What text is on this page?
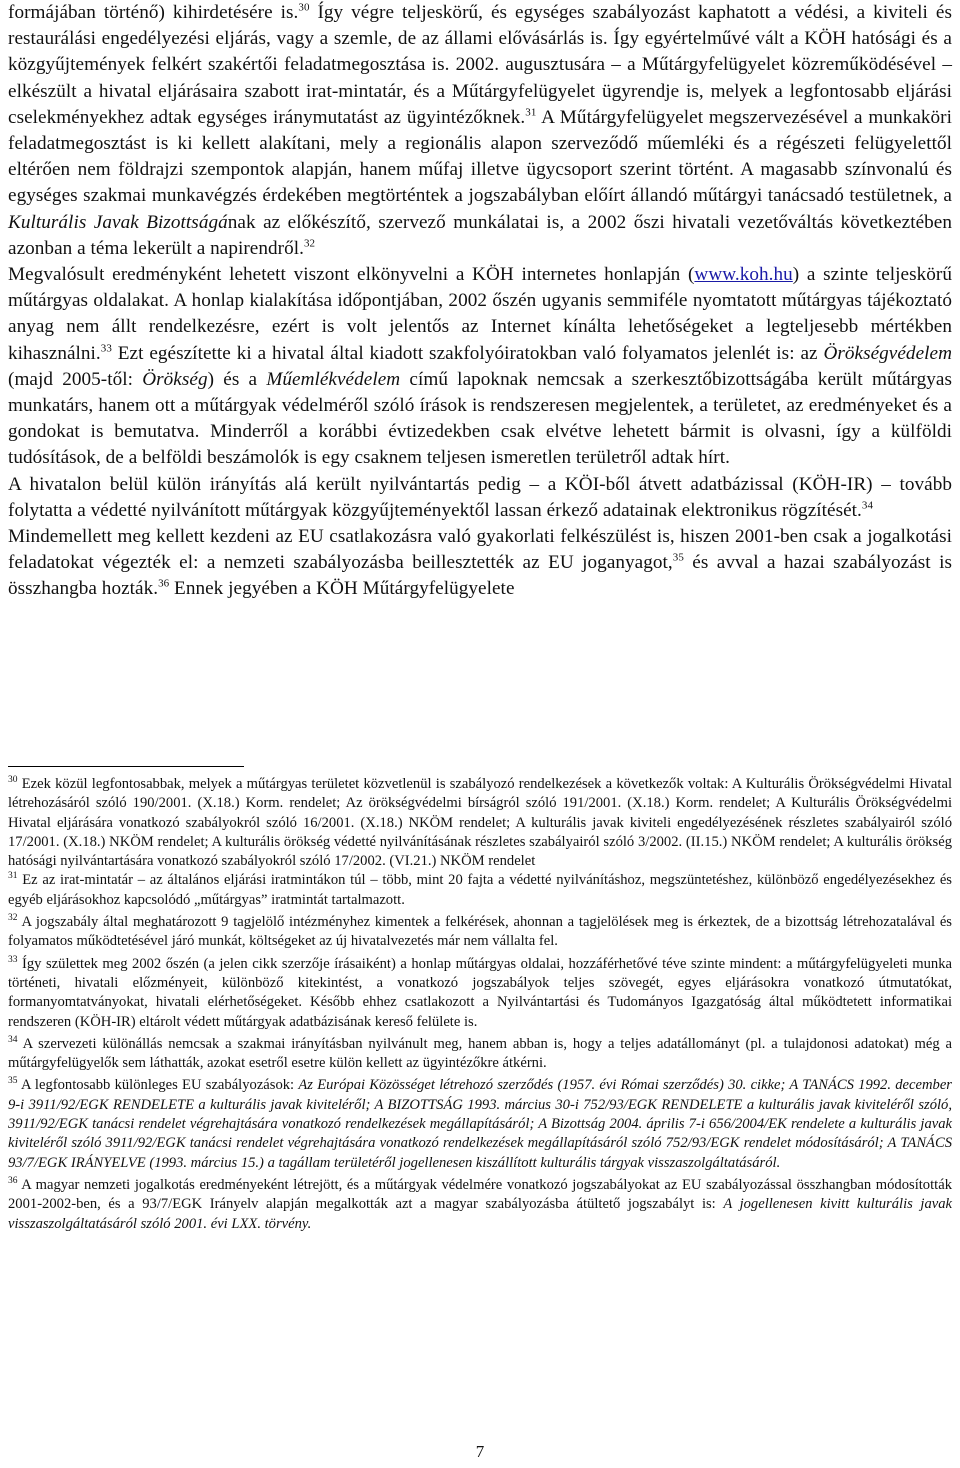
formájában történő) kihirdetésére is.$^{30}$ Így végre teljeskörű, és egységes szabályozást kaphatott a védési, a kiviteli és restaurálási engedélyezési eljárás, vagy a szemle, de az állami elővásárlás is. Így egyértelművé vált a KÖH hatósági és a közgyűjtemények felkért szakértői feladatmegosztása is. 2002. augusztusára – a Műtárgyfelügyelet közreműködésével – elkészült a hivatal eljárásaira szabott irat-mintatár, és a Műtárgyfelügyelet ügyrendje is, melyek a legfontosabb eljárási cselekményekhez adtak egységes iránymutatást az ügyintézőknek.$^{31}$ A Műtárgyfelügyelet megszervezésével a munkaköri feladatmegosztást is ki kellett alakítani, mely a regionális alapon szerveződő műemléki és a régészeti felügyelettől eltérően nem földrajzi szempontok alapján, hanem műfaj illetve ügycsoport szerint történt. A magasabb színvonalú és egységes szakmai munkavégzés érdekében megtörténtek a jogszabályban előírt állandó műtárgyi tanácsadó testületnek, a Kulturális Javak Bizottságának az előkészítő, szervező munkálatai is, a 2002 őszi hivatali vezetőváltás következtében azonban a téma lekerült a napirendről.$^{32}$

Megvalósult eredményként lehetett viszont elkönyvelni a KÖH internetes honlapján (www.koh.hu) a szinte teljeskörű műtárgyas oldalakat. A honlap kialakítása időpontjában, 2002 őszén ugyanis semmiféle nyomtatott műtárgyas tájékoztató anyag nem állt rendelkezésre, ezért is volt jelentős az Internet kínálta lehetőségeket a legteljesebb mértékben kihasználni.$^{33}$ Ezt egészítette ki a hivatal által kiadott szakfolyóiratokban való folyamatos jelenlét is: az Örökségvédelem (majd 2005-től: Örökség) és a Műemlékvédelem című lapoknak nemcsak a szerkesztőbizottságába került műtárgyas munkatárs, hanem ott a műtárgyak védelméről szóló írások is rendszeresen megjelentek, a területet, az eredményeket és a gondokat is bemutatva. Minderről a korábbi évtizedekben csak elvétve lehetett bármit is olvasni, így a külföldi tudósítások, de a belföldi beszámolók is egy csaknem teljesen ismeretlen területről adtak hírt.

A hivatalon belül külön irányítás alá került nyilvántartás pedig – a KÖI-ből átvett adatbázissal (KÖH-IR) – tovább folytatta a védetté nyilvánított műtárgyak közgyűjteményektől lassan érkező adatainak elektronikus rögzítését.$^{34}$

Mindemellett meg kellett kezdeni az EU csatlakozásra való gyakorlati felkészülést is, hiszen 2001-ben csak a jogalkotási feladatokat végezték el: a nemzeti szabályozásba beillesztették az EU joganyagot,$^{35}$ és avval a hazai szabályozást is összhangba hozták.$^{36}$ Ennek jegyében a KÖH Műtárgyfelügyelete

$^{30}$ Ezek közül legfontosabbak, melyek a műtárgyas területet közvetlenül is szabályozó rendelkezések a következők voltak: A Kulturális Örökségvédelmi Hivatal létrehozásáról szóló 190/2001. (X.18.) Korm. rendelet; Az örökségvédelmi bírságról szóló 191/2001. (X.18.) Korm. rendelet; A Kulturális Örökségvédelmi Hivatal eljárására vonatkozó szabályokról szóló 16/2001. (X.18.) NKÖM rendelet; A kulturális javak kiviteli engedélyezésének részletes szabályairól szóló 17/2001. (X.18.) NKÖM rendelet; A kulturális örökség védetté nyilvánításának részletes szabályairól szóló 3/2002. (II.15.) NKÖM rendelet; A kulturális örökség hatósági nyilvántartására vonatkozó szabályokról szóló 17/2002. (VI.21.) NKÖM rendelet

$^{31}$ Ez az irat-mintatár – az általános eljárási iratmintákon túl – több, mint 20 fajta a védetté nyilvánításhoz, megszüntetéshez, különböző engedélyezésekhez és egyéb eljárásokhoz kapcsolódó „műtárgyas” iratmintát tartalmazott.

$^{32}$ A jogszabály által meghatározott 9 tagjelölő intézményhez kimentek a felkérések, ahonnan a tagjelölések meg is érkeztek, de a bizottság létrehozatalával és folyamatos működtetésével járó munkát, költségeket az új hivatalvezetés már nem vállalta fel.

$^{33}$ Így születtek meg 2002 őszén (a jelen cikk szerzője írásaiként) a honlap műtárgyas oldalai, hozzáférhetővé téve szinte mindent: a műtárgyfelügyeleti munka történeti, hivatali előzményeit, különböző kitekintést, a vonatkozó jogszabályok teljes szövegét, egyes eljárásokra vonatkozó útmutatókat, formanyomtatványokat, hivatali elérhetőségeket. Később ehhez csatlakozott a Nyilvántartási és Tudományos Igazgatóság által működtetett informatikai rendszeren (KÖH-IR) eltárolt védett műtárgyak adatbázisának kereső felülete is.

$^{34}$ A szervezeti különállás nemcsak a szakmai irányításban nyilvánult meg, hanem abban is, hogy a teljes adatállományt (pl. a tulajdonosi adatokat) még a műtárgyfelügyelők sem láthatták, azokat esetről esetre külön kellett az ügyintézőkre átkérni.

$^{35}$ A legfontosabb különleges EU szabályozások: Az Európai Közösséget létrehozó szerződés (1957. évi Római szerződés) 30. cikke; A TANÁCS 1992. december 9-i 3911/92/EGK RENDELETE a kulturális javak kiviteléről; A BIZOTTSÁG 1993. március 30-i 752/93/EGK RENDELETE a kulturális javak kiviteléről szóló, 3911/92/EGK tanácsi rendelet végrehajtására vonatkozó rendelkezések megállapításáról; A Bizottság 2004. április 7-i 656/2004/EK rendelete a kulturális javak kiviteléről szóló 3911/92/EGK tanácsi rendelet végrehajtására vonatkozó rendelkezések megállapításáról szóló 752/93/EGK rendelet módosításáról; A TANÁCS 93/7/EGK IRÁNYELVE (1993. március 15.) a tagállam területéről jogellenesen kiszállított kulturális tárgyak visszaszolgáltatásáról.

$^{36}$ A magyar nemzeti jogalkotás eredményeként létrejött, és a műtárgyak védelmére vonatkozó jogszabályokat az EU szabályozással összhangban módosították 2001-2002-ben, és a 93/7/EGK Irányelv alapján megalkották azt a magyar szabályozásba átültető jogszabályt is: A jogellenesen kivitt kulturális javak visszaszolgáltatásáról szóló 2001. évi LXX. törvény.

7
